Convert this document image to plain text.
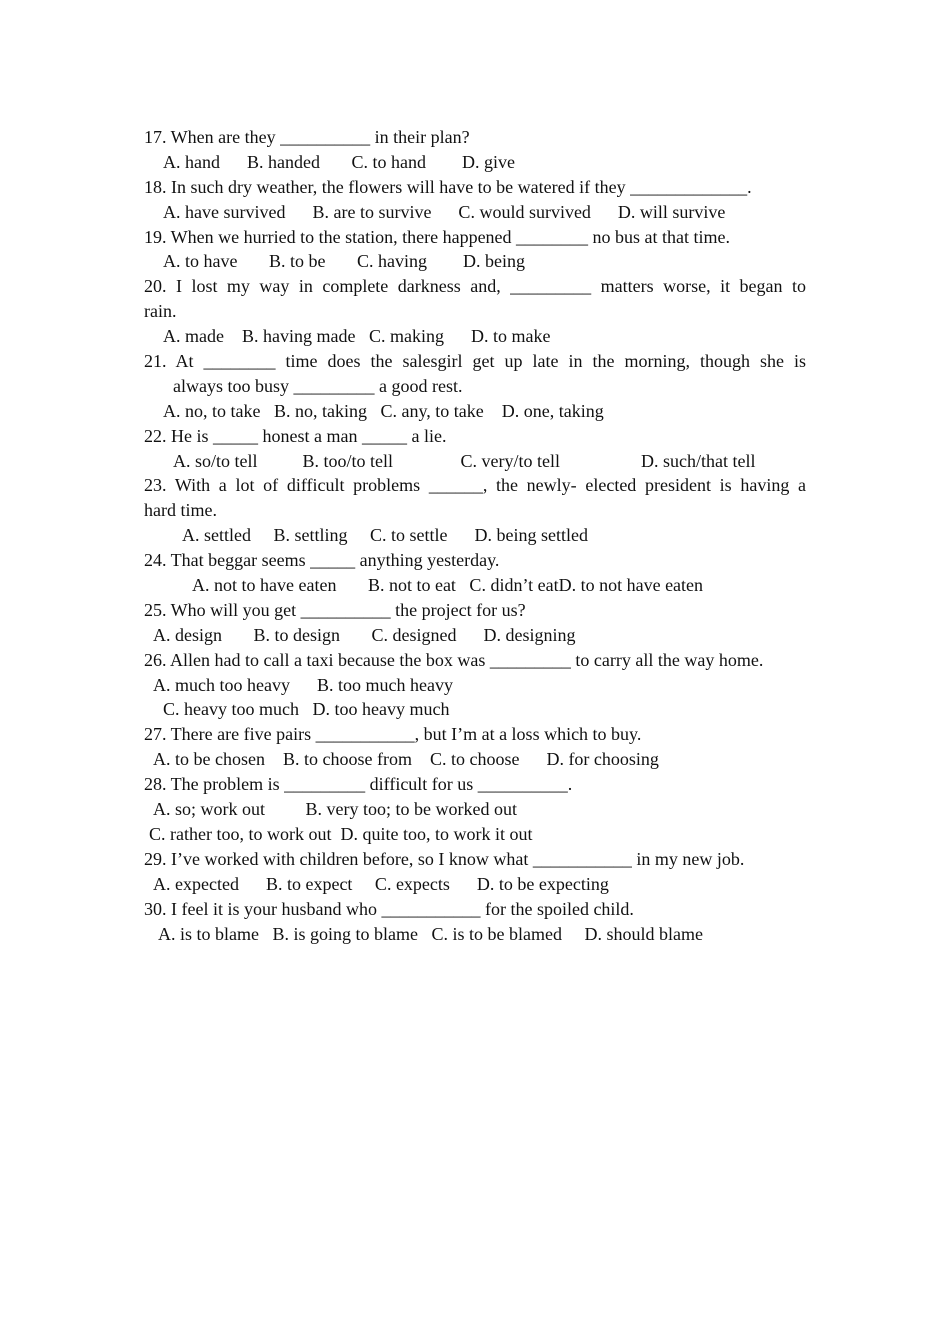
17. When are they __________ in their plan?
A. hand      B. handed       C. to hand        D. give
18. In such dry weather, the flowers will have to be watered if they _____________.
A. have survived      B. are to survive      C. would survived      D. will survive
19. When we hurried to the station, there happened ________ no bus at that time.
A. to have       B. to be       C. having        D. being
20. I lost my way in complete darkness and, _________ matters worse, it began to
rain.
A. made    B. having made   C. making      D. to make
21. At ________ time does the salesgirl get up late in the morning, though she is
always too busy _________ a good rest.
A. no, to take   B. no, taking   C. any, to take    D. one, taking
22. He is _____ honest a man _____ a lie.
A. so/to tell          B. too/to tell               C. very/to tell                  D. such/that tell
23. With a lot of difficult problems ______, the newly- elected president is having a
hard time.
A. settled     B. settling     C. to settle      D. being settled
24. That beggar seems _____ anything yesterday.
A. not to have eaten       B. not to eat   C. didn’t eatD. to not have eaten
25. Who will you get __________ the project for us?
A. design       B. to design       C. designed      D. designing
26. Allen had to call a taxi because the box was _________ to carry all the way home.
A. much too heavy      B. too much heavy
C. heavy too much   D. too heavy much
27. There are five pairs ___________, but I’m at a loss which to buy.
A. to be chosen    B. to choose from    C. to choose      D. for choosing
28. The problem is _________ difficult for us __________.
A. so; work out         B. very too; to be worked out
C. rather too, to work out  D. quite too, to work it out
29. I’ve worked with children before, so I know what ___________ in my new job.
A. expected      B. to expect     C. expects      D. to be expecting
30. I feel it is your husband who ___________ for the spoiled child.
A. is to blame   B. is going to blame   C. is to be blamed     D. should blame
